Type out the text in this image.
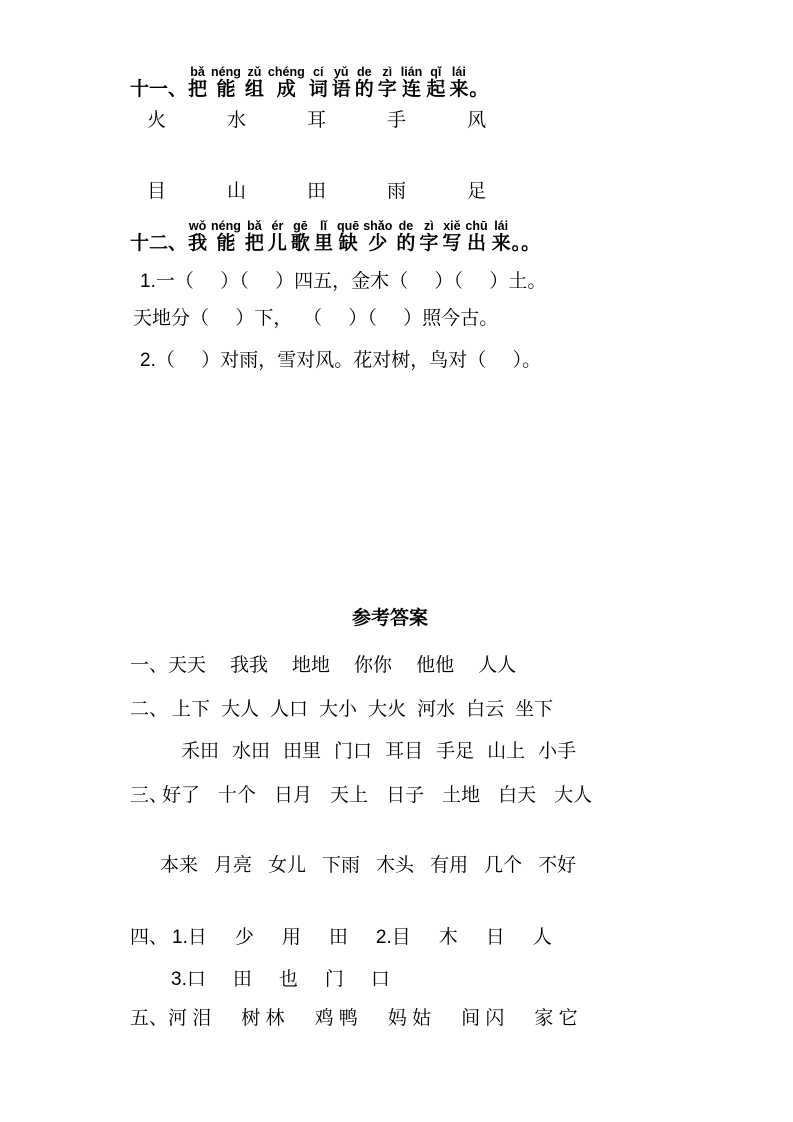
十一、
bǎ
把
néng
能
zǔ
组
chéng
成
cí
词
yǔ
语
de
的
zì
字
lián
连
qǐ
起
lái
来 。
火	水	耳	手	风
目	山	田	雨	足
十二、
wǒ
我
néng
能
bǎ
把
ér
儿
gē
歌
lǐ
里
quē
缺
shǎo
少
de
的
zì
字
xiě
写
chū
出
lái
来 。。
1.一（     ）（     ）四五，金木（     ）（     ）土。
天地分（     ）下，  （     ）（     ）照今古。
2.（     ）对雨，雪对风。花对树，鸟对（     ）。
参考答案
一、 天天 我我 地地 你你 他他 人人
二、 上下 大人 人口 大小 大火 河水 白云 坐下
禾田 水田 田里 门口 耳目 手足 山上 小手
三、
好了 十个 日月 天上 日子 土地 白天 大人
本来 月亮 女儿 下雨 木头 有用 几个 不好
四、 1.日 少 用 田 2.目 木 日 人
3.口 田 也 门 口
五、 河 泪 树 林 鸡 鸭 妈 姑 间 闪 家 它
